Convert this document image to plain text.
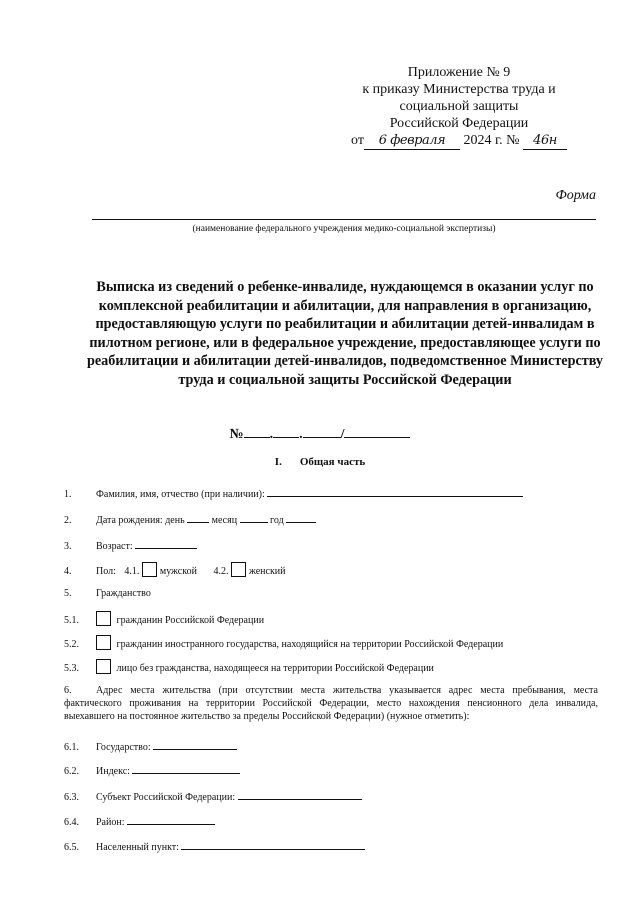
Приложение № 9
к приказу Министерства труда и
социальной защиты
Российской Федерации
от 6 февраля 2024 г. № 46н
Форма
(наименование федерального учреждения медико-социальной экспертизы)
Выписка из сведений о ребенке-инвалиде, нуждающемся в оказании услуг по комплексной реабилитации и абилитации, для направления в организацию, предоставляющую услуги по реабилитации и абилитации детей-инвалидам в пилотном регионе, или в федеральное учреждение, предоставляющее услуги по реабилитации и абилитации детей-инвалидов, подведомственное Министерству труда и социальной защиты Российской Федерации
№ . .	/
I. Общая часть
1. Фамилия, имя, отчество (при наличии):
2. Дата рождения: день	месяц	год
3. Возраст:
4. Пол: 4.1. мужской 4.2. женский
5. Гражданство
5.1.	гражданин Российской Федерации
5.2.	гражданин иностранного государства, находящийся на территории Российской Федерации
5.3.	лицо без гражданства, находящееся на территории Российской Федерации
6. Адрес места жительства (при отсутствии места жительства указывается адрес места пребывания, места фактического проживания на территории Российской Федерации, место нахождения пенсионного дела инвалида, выехавшего на постоянное жительство за пределы Российской Федерации) (нужное отметить):
6.1. Государство:
6.2. Индекс:
6.3. Субъект Российской Федерации:
6.4. Район:
6.5. Населенный пункт:
